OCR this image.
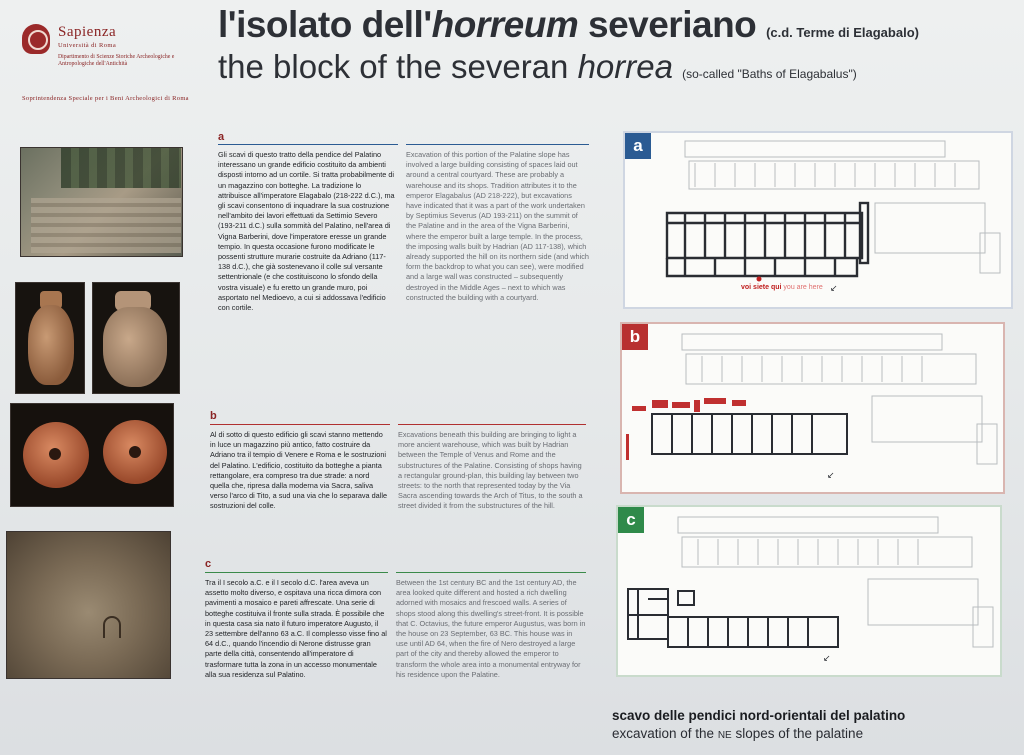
Sapienza
Università di Roma
Dipartimento di Scienze Storiche Archeologiche e Antropologiche dell'Antichità
Soprintendenza Speciale per i Beni Archeologici di Roma
l'isolato dell'horreum severiano (c.d. Terme di Elagabalo)
the block of the severan horrea (so-called "Baths of Elagabalus")
a
Gli scavi di questo tratto della pendice del Palatino interessano un grande edificio costituito da ambienti disposti intorno ad un cortile. Si tratta probabilmente di un magazzino con botteghe. La tradizione lo attribuisce all'imperatore Elagabalo (218-222 d.C.), ma gli scavi consentono di inquadrare la sua costruzione nell'ambito dei lavori effettuati da Settimio Severo (193-211 d.C.) sulla sommità del Palatino, nell'area di Vigna Barberini, dove l'imperatore eresse un grande tempio. In questa occasione furono modificate le possenti strutture murarie costruite da Adriano (117-138 d.C.), che già sostenevano il colle sul versante settentrionale (e che costituiscono lo sfondo della vostra visuale) e fu eretto un grande muro, poi asportato nel Medioevo, a cui si addossava l'edificio con cortile.
Excavation of this portion of the Palatine slope has involved a large building consisting of spaces laid out around a central courtyard. These are probably a warehouse and its shops. Tradition attributes it to the emperor Elagabalus (AD 218-222), but excavations have indicated that it was a part of the work undertaken by Septimius Severus (AD 193-211) on the summit of the Palatine and in the area of the Vigna Barberini, where the emperor built a large temple. In the process, the imposing walls built by Hadrian (AD 117-138), which already supported the hill on its northern side (and which form the backdrop to what you can see), were modified and a large wall was constructed – subsequently destroyed in the Middle Ages – next to which was constructed the building with a courtyard.
b
Al di sotto di questo edificio gli scavi stanno mettendo in luce un magazzino più antico, fatto costruire da Adriano tra il tempio di Venere e Roma e le sostruzioni del Palatino. L'edificio, costituito da botteghe a pianta rettangolare, era compreso tra due strade: a nord quella che, ripresa dalla moderna via Sacra, saliva verso l'arco di Tito, a sud una via che lo separava dalle sostruzioni del colle.
Excavations beneath this building are bringing to light a more ancient warehouse, which was built by Hadrian between the Temple of Venus and Rome and the substructures of the Palatine. Consisting of shops having a rectangular ground-plan, this building lay between two streets: to the north that represented today by the Via Sacra ascending towards the Arch of Titus, to the south a street divided it from the substructures of the hill.
c
Tra il I secolo a.C. e il I secolo d.C. l'area aveva un assetto molto diverso, e ospitava una ricca dimora con pavimenti a mosaico e pareti affrescate. Una serie di botteghe costituiva il fronte sulla strada. È possibile che in questa casa sia nato il futuro imperatore Augusto, il 23 settembre dell'anno 63 a.C. Il complesso visse fino al 64 d.C., quando l'incendio di Nerone distrusse gran parte della città, consentendo all'imperatore di trasformare tutta la zona in un accesso monumentale alla sua residenza sul Palatino.
Between the 1st century BC and the 1st century AD, the area looked quite different and hosted a rich dwelling adorned with mosaics and frescoed walls. A series of shops stood along this dwelling's street-front. It is possible that C. Octavius, the future emperor Augustus, was born in the house on 23 September, 63 BC. This house was in use until AD 64, when the fire of Nero destroyed a large part of the city and thereby allowed the emperor to transform the whole area into a monumental entryway for his residence upon the Palatine.
a
↙
voi siete qui you are here
b
↙
c
↙
scavo delle pendici nord-orientali del palatino
excavation of the NE slopes of the palatine
